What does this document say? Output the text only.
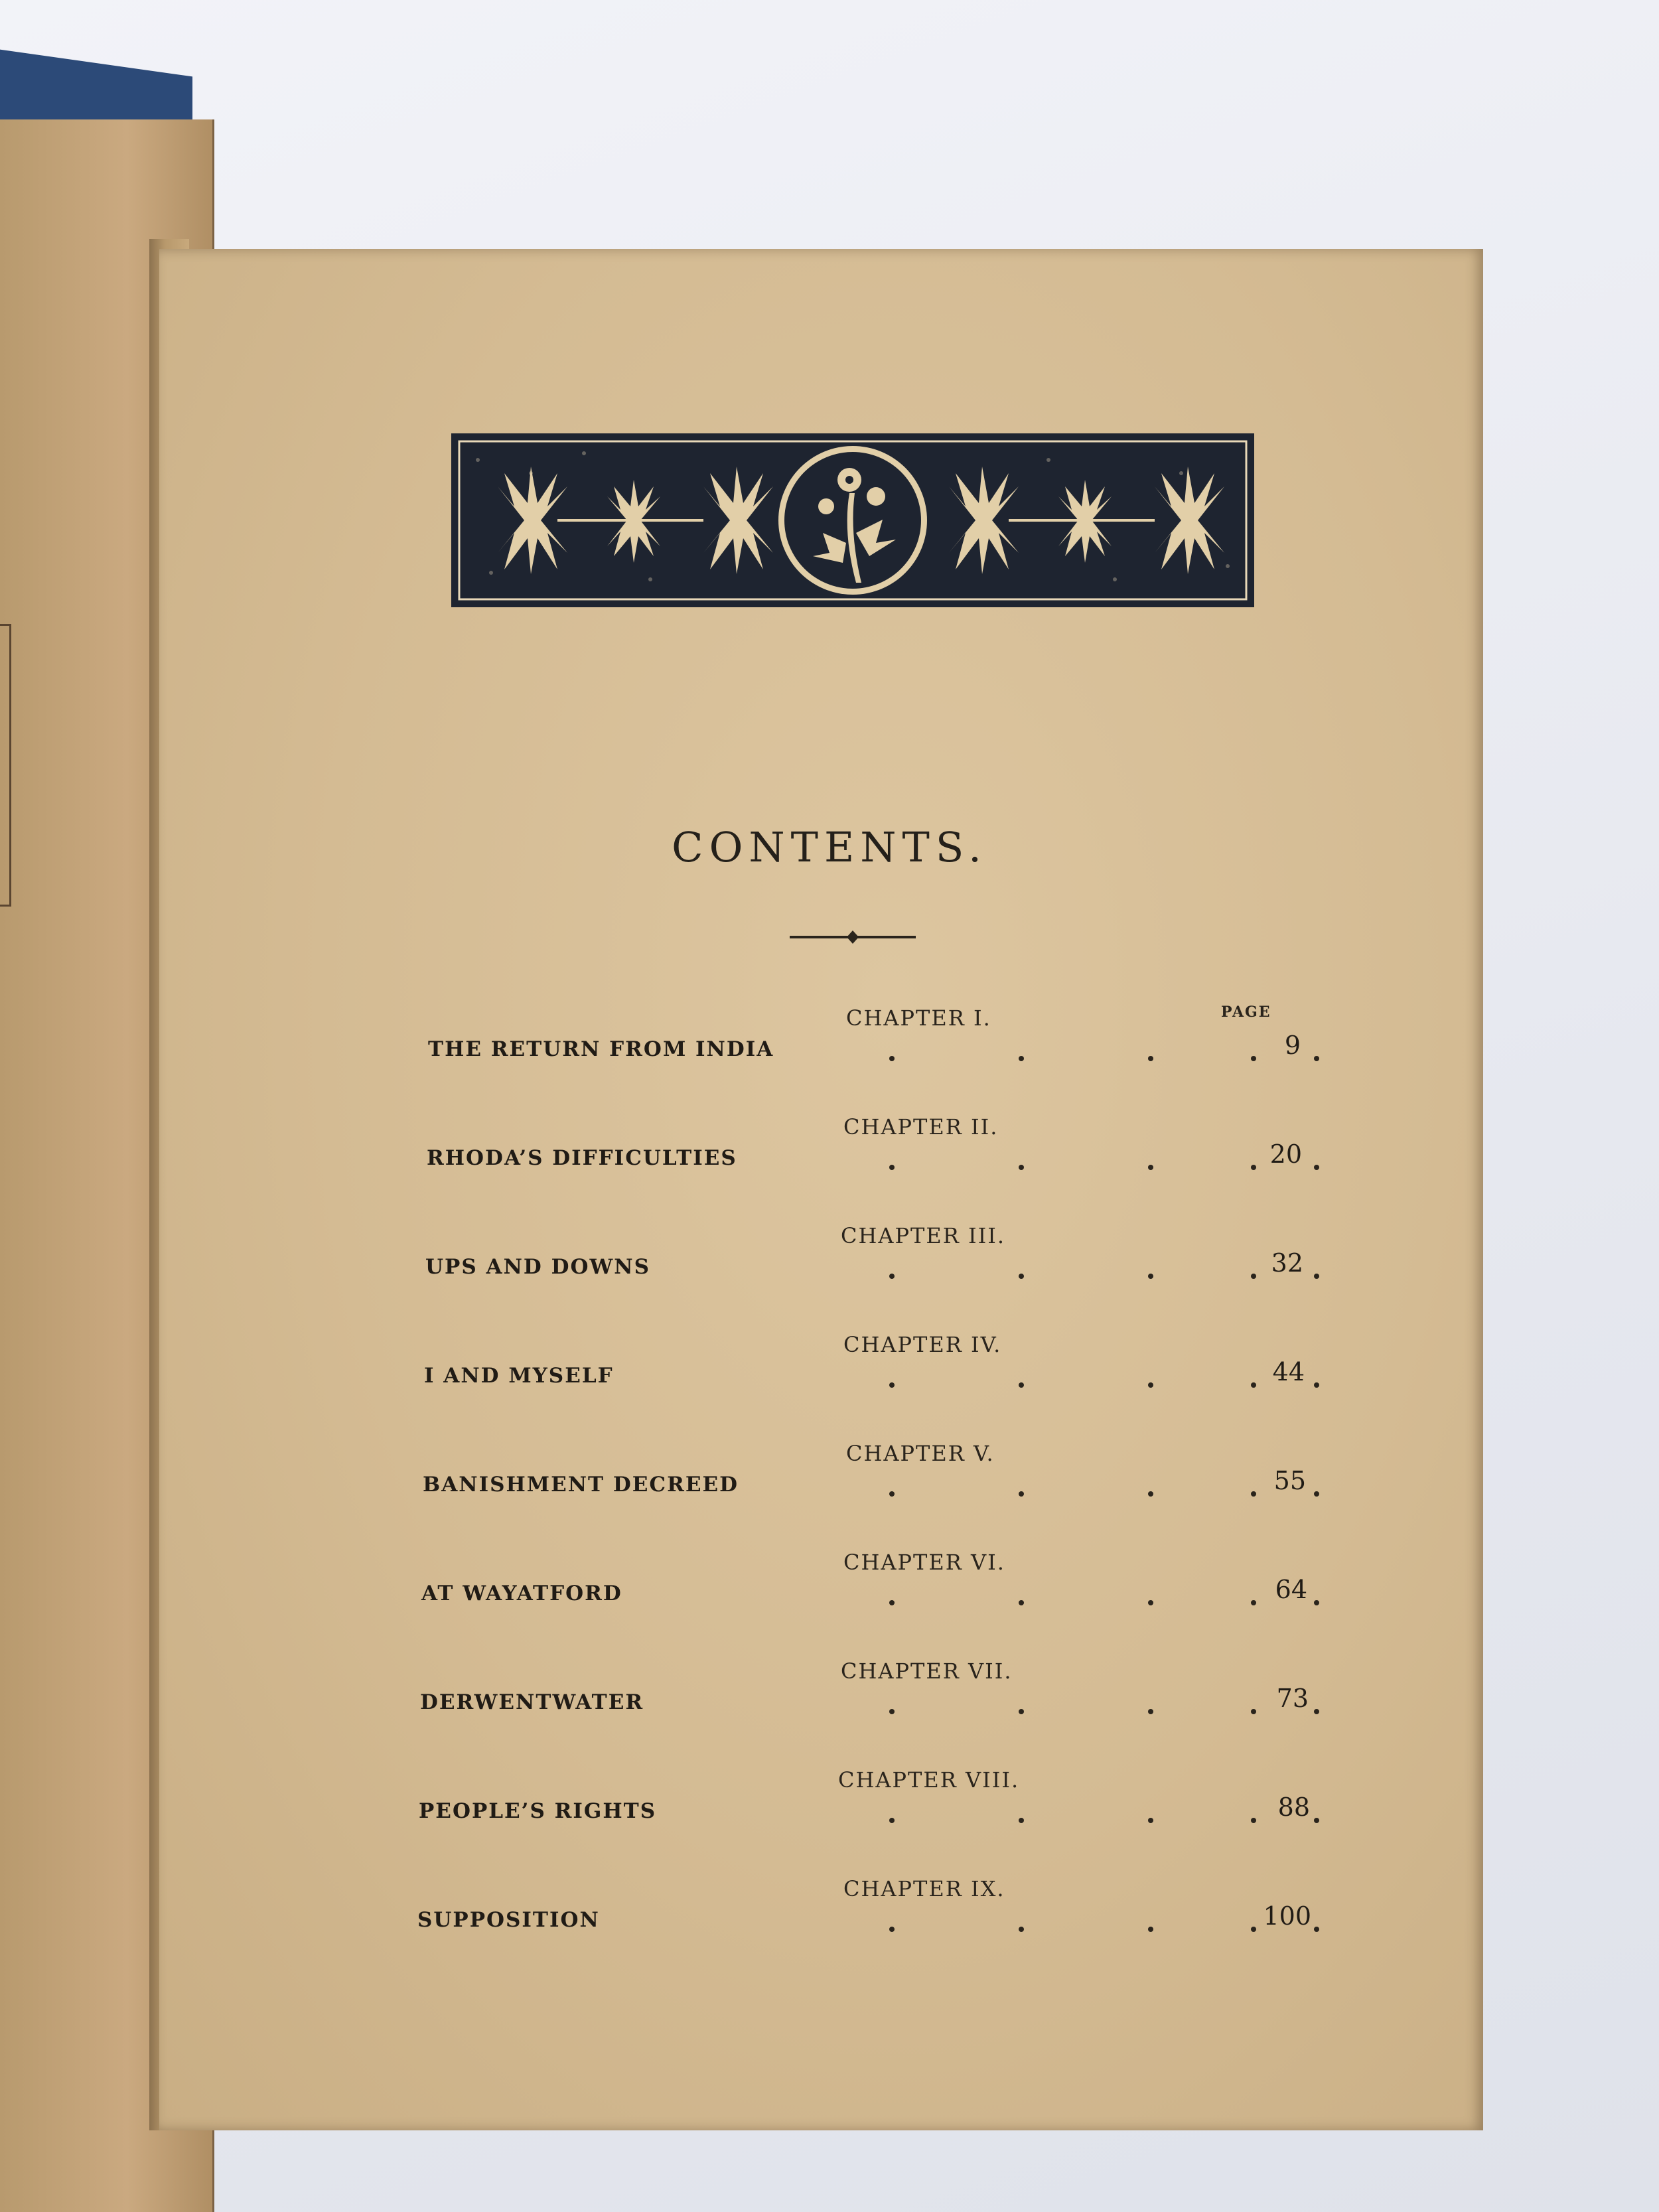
CONTENTS.
PAGE
CHAPTER I.
THE RETURN FROM INDIA	9
CHAPTER II.
RHODA’S DIFFICULTIES	20
CHAPTER III.
UPS AND DOWNS	32
CHAPTER IV.
I AND MYSELF	44
CHAPTER V.
BANISHMENT DECREED	55
CHAPTER VI.
AT WAYATFORD	64
CHAPTER VII.
DERWENTWATER	73
CHAPTER VIII.
PEOPLE’S RIGHTS	88
CHAPTER IX.
SUPPOSITION	100
